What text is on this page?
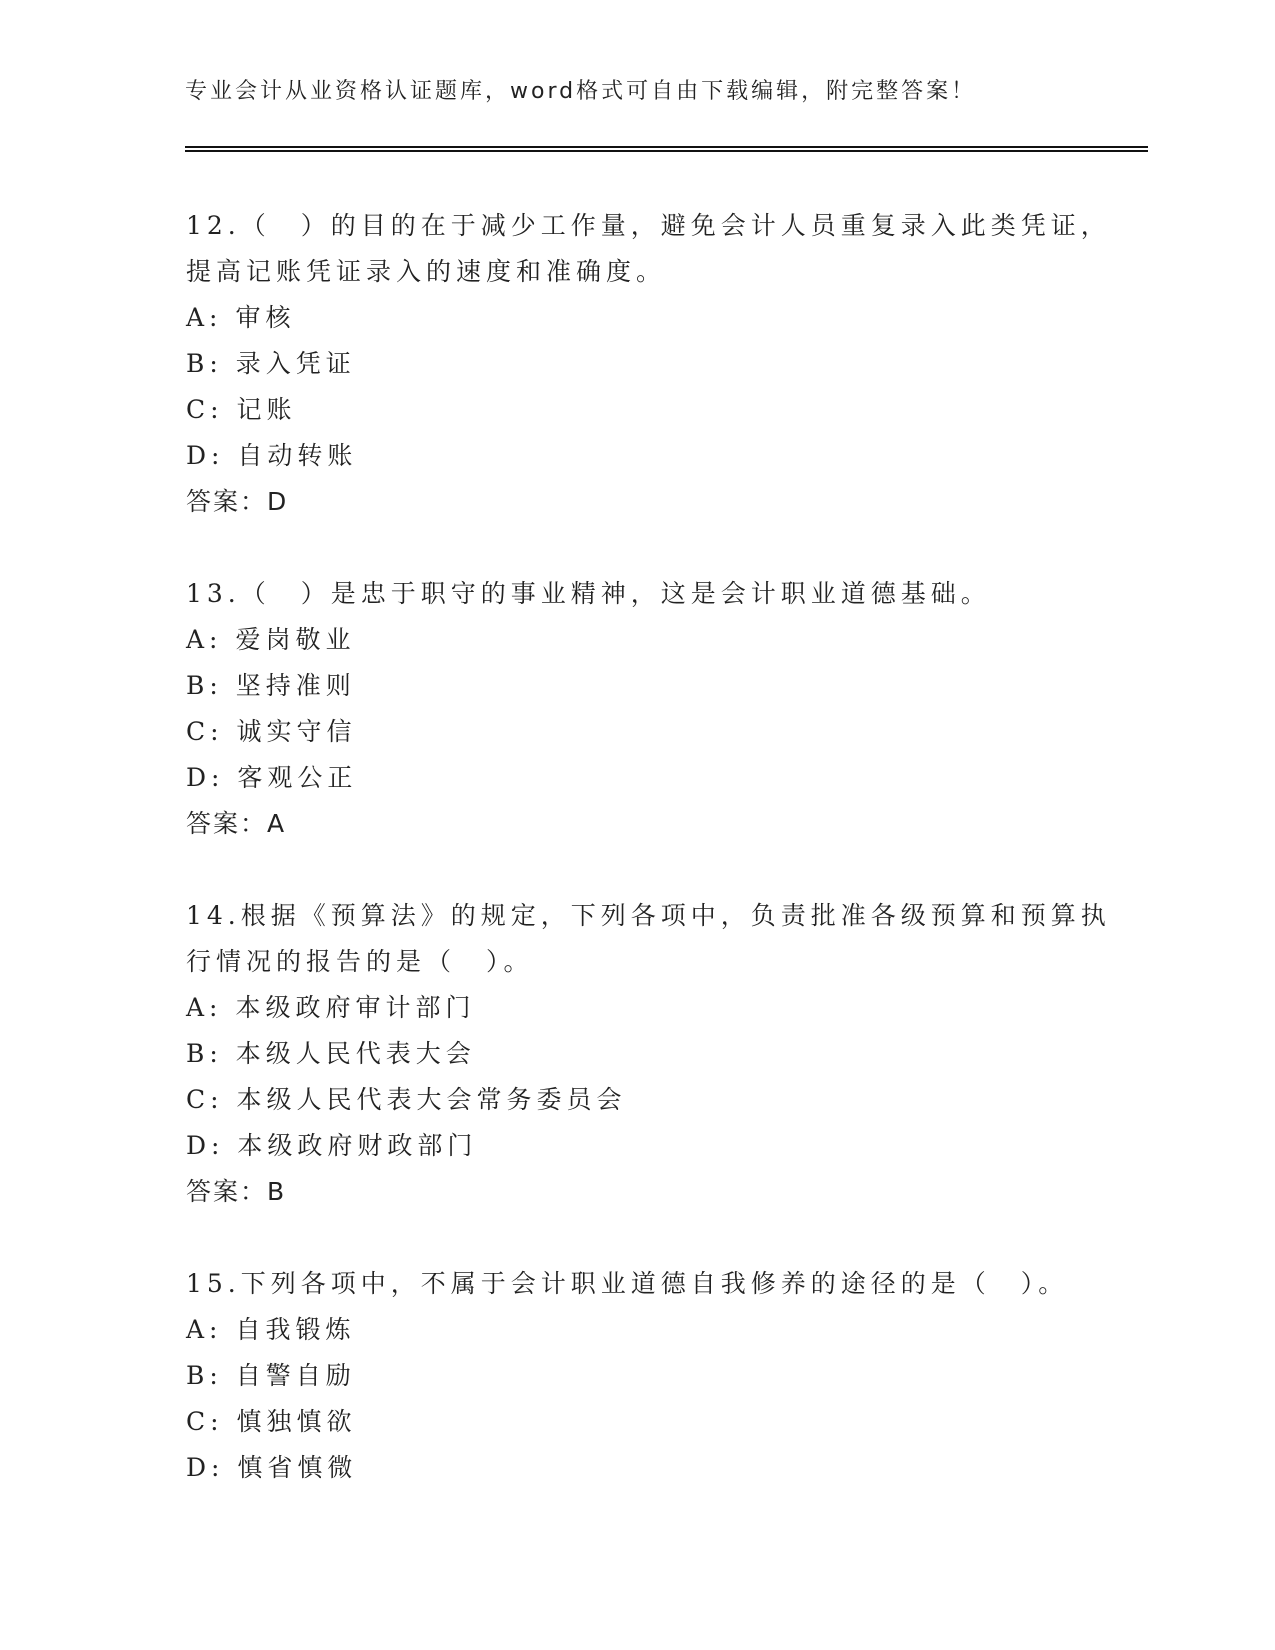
专业会计从业资格认证题库，word格式可自由下载编辑，附完整答案！

12.（　）的目的在于减少工作量，避免会计人员重复录入此类凭证，提高记账凭证录入的速度和准确度。

A: 审核

B: 录入凭证

C: 记账

D: 自动转账

答案：D

13.（　）是忠于职守的事业精神，这是会计职业道德基础。

A: 爱岗敬业

B: 坚持准则

C: 诚实守信

D: 客观公正

答案：A

14.根据《预算法》的规定，下列各项中，负责批准各级预算和预算执行情况的报告的是（　）。

A: 本级政府审计部门

B: 本级人民代表大会

C: 本级人民代表大会常务委员会

D: 本级政府财政部门

答案：B

15.下列各项中，不属于会计职业道德自我修养的途径的是（　）。

A: 自我锻炼

B: 自警自励

C: 慎独慎欲

D: 慎省慎微
